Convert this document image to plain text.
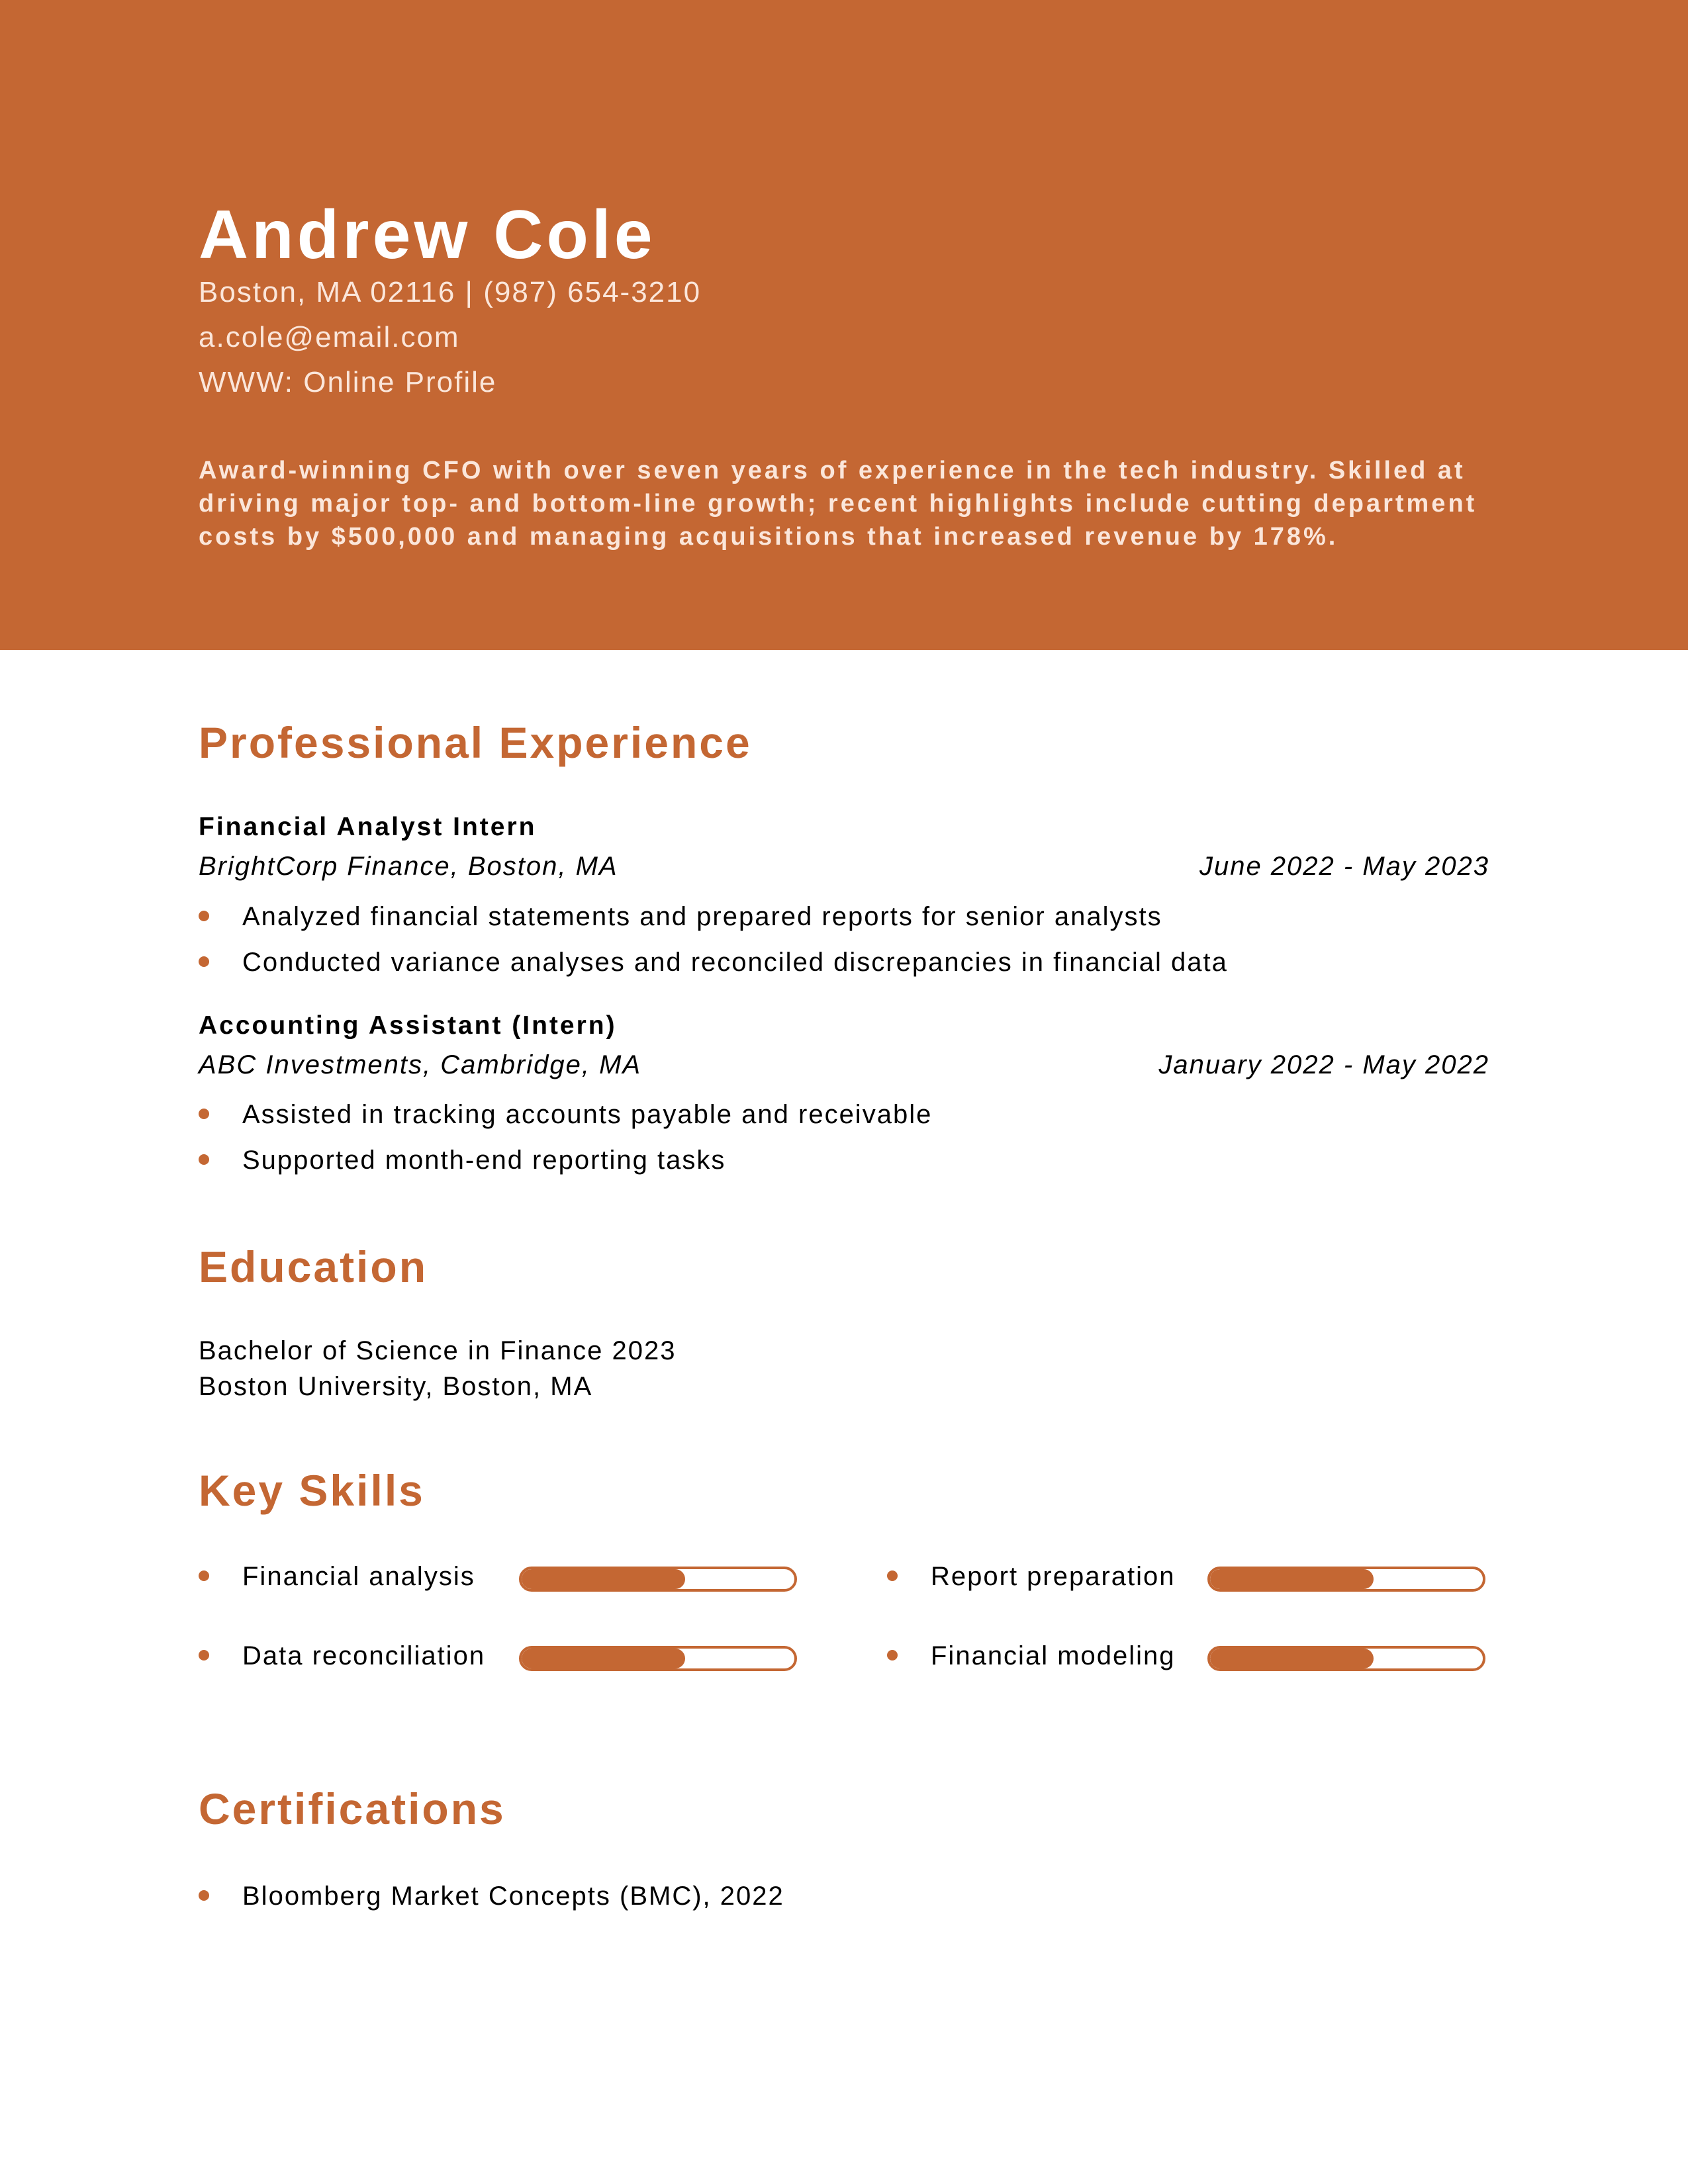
Andrew Cole
Boston, MA 02116 | (987) 654-3210
a.cole@email.com
WWW: Online Profile
Award-winning CFO with over seven years of experience in the tech industry. Skilled at driving major top- and bottom-line growth; recent highlights include cutting department costs by $500,000 and managing acquisitions that increased revenue by 178%.
Professional Experience
Financial Analyst Intern
BrightCorp Finance, Boston, MA	June 2022 - May 2023
Analyzed financial statements and prepared reports for senior analysts
Conducted variance analyses and reconciled discrepancies in financial data
Accounting Assistant (Intern)
ABC Investments, Cambridge, MA	January 2022 - May 2022
Assisted in tracking accounts payable and receivable
Supported month-end reporting tasks
Education
Bachelor of Science in Finance 2023
Boston University, Boston, MA
Key Skills
Financial analysis	Report preparation
Data reconciliation	Financial modeling
Certifications
Bloomberg Market Concepts (BMC), 2022
